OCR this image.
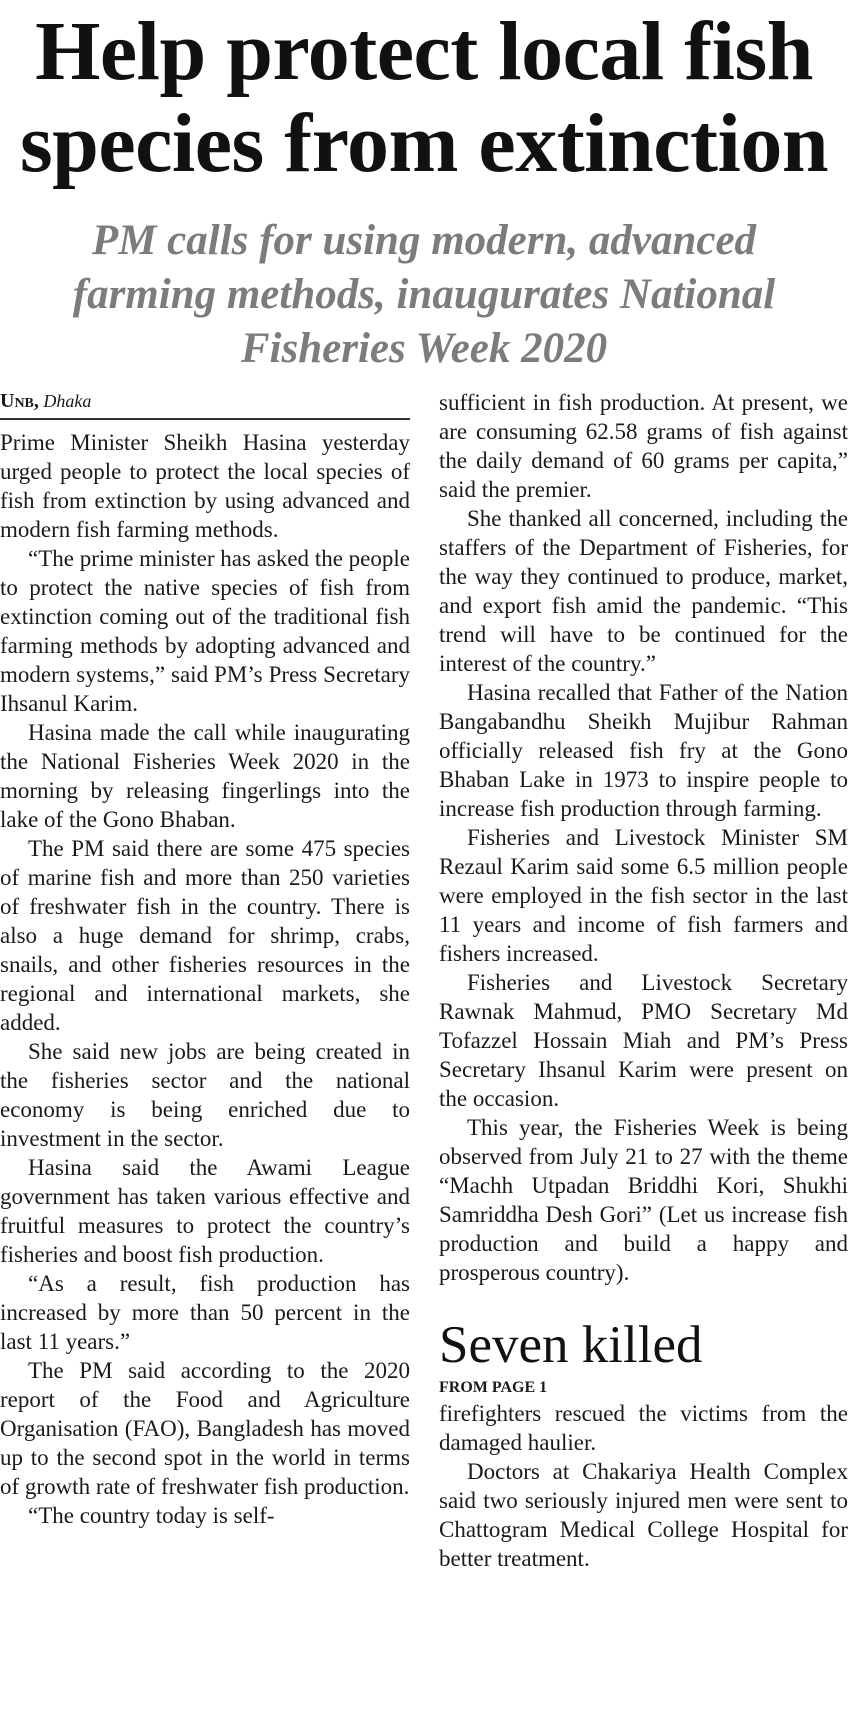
Help protect local fish species from extinction
PM calls for using modern, advanced farming methods, inaugurates National Fisheries Week 2020
Unb, Dhaka

Prime Minister Sheikh Hasina yesterday urged people to protect the local species of fish from extinction by using advanced and modern fish farming methods.

“The prime minister has asked the people to protect the native species of fish from extinction coming out of the traditional fish farming methods by adopting advanced and modern systems,” said PM’s Press Secretary Ihsanul Karim.

Hasina made the call while inaugurating the National Fisheries Week 2020 in the morning by releasing fingerlings into the lake of the Gono Bhaban.

The PM said there are some 475 species of marine fish and more than 250 varieties of freshwater fish in the country. There is also a huge demand for shrimp, crabs, snails, and other fisheries resources in the regional and international markets, she added.

She said new jobs are being created in the fisheries sector and the national economy is being enriched due to investment in the sector.

Hasina said the Awami League government has taken various effective and fruitful measures to protect the country’s fisheries and boost fish production.

“As a result, fish production has increased by more than 50 percent in the last 11 years.”

The PM said according to the 2020 report of the Food and Agriculture Organisation (FAO), Bangladesh has moved up to the second spot in the world in terms of growth rate of freshwater fish production.

“The country today is self-

sufficient in fish production. At present, we are consuming 62.58 grams of fish against the daily demand of 60 grams per capita,” said the premier.

She thanked all concerned, including the staffers of the Department of Fisheries, for the way they continued to produce, market, and export fish amid the pandemic. “This trend will have to be continued for the interest of the country.”

Hasina recalled that Father of the Nation Bangabandhu Sheikh Mujibur Rahman officially released fish fry at the Gono Bhaban Lake in 1973 to inspire people to increase fish production through farming.

Fisheries and Livestock Minister SM Rezaul Karim said some 6.5 million people were employed in the fish sector in the last 11 years and income of fish farmers and fishers increased.

Fisheries and Livestock Secretary Rawnak Mahmud, PMO Secretary Md Tofazzel Hossain Miah and PM’s Press Secretary Ihsanul Karim were present on the occasion.

This year, the Fisheries Week is being observed from July 21 to 27 with the theme “Machh Utpadan Briddhi Kori, Shukhi Samriddha Desh Gori” (Let us increase fish production and build a happy and prosperous country).

Seven killed
FROM PAGE 1

firefighters rescued the victims from the damaged haulier.

Doctors at Chakariya Health Complex said two seriously injured men were sent to Chattogram Medical College Hospital for better treatment.
